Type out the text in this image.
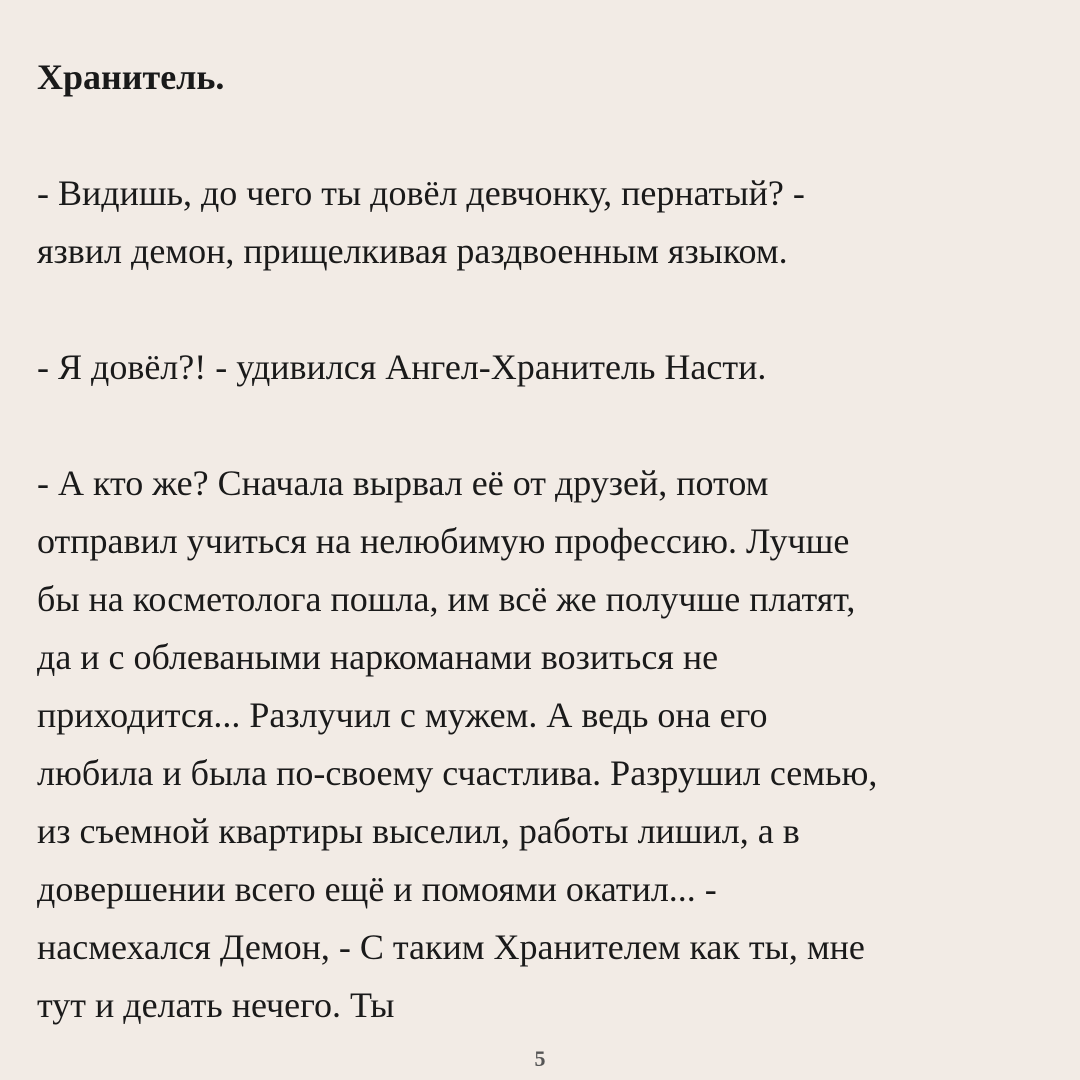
Хранитель.

- Видишь, до чего ты довёл девчонку, пернатый? -
язвил демон, прищелкивая раздвоенным языком.

- Я довёл?! - удивился Ангел-Хранитель Насти.

- А кто же? Сначала вырвал её от друзей, потом
отправил учиться на нелюбимую профессию. Лучше
бы на косметолога пошла, им всё же получше платят,
да и с облеваными наркоманами возиться не
приходится... Разлучил с мужем. А ведь она его
любила и была по-своему счастлива. Разрушил семью,
из съемной квартиры выселил, работы лишил, а в
довершении всего ещё и помоями окатил... -
насмехался Демон, - С таким Хранителем как ты, мне
тут и делать нечего. Ты

5
